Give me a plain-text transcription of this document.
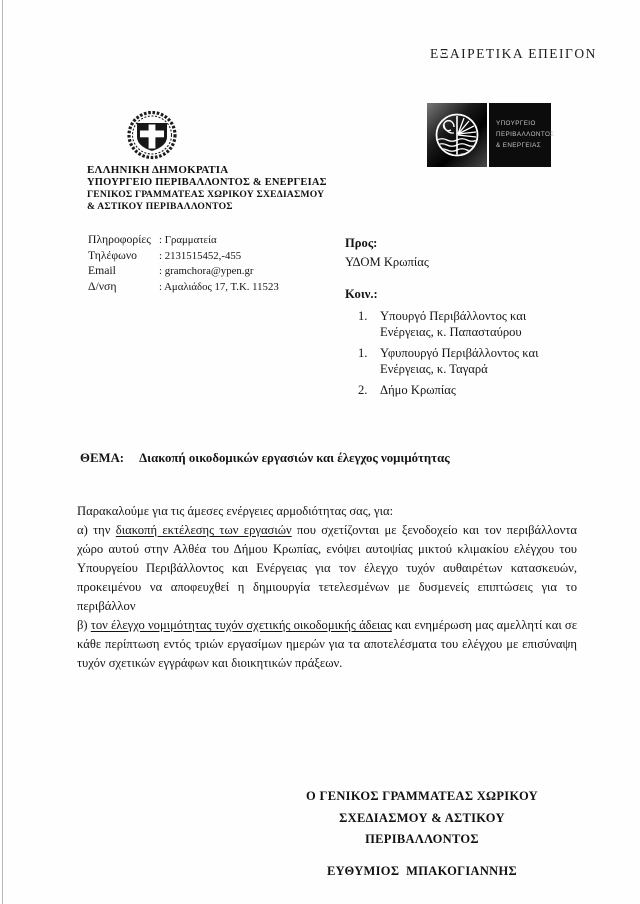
ΕΞΑΙΡΕΤΙΚΑ ΕΠΕΙΓΟΝ
ΕΛΛΗΝΙΚΗ ΔΗΜΟΚΡΑΤΙΑ
ΥΠΟΥΡΓΕΙΟ ΠΕΡΙΒΑΛΛΟΝΤΟΣ & ΕΝΕΡΓΕΙΑΣ
ΓΕΝΙΚΟΣ ΓΡΑΜΜΑΤΕΑΣ ΧΩΡΙΚΟΥ ΣΧΕΔΙΑΣΜΟΥ
& ΑΣΤΙΚΟΥ ΠΕΡΙΒΑΛΛΟΝΤΟΣ
ΥΠΟΥΡΓΕΙΟ
ΠΕΡΙΒΑΛΛΟΝΤΟΣ
& ΕΝΕΡΓΕΙΑΣ
Πληροφορίες : Γραμματεία
Τηλέφωνο	: 2131515452,-455
Email	: gramchora@ypen.gr
Δ/νση	: Αμαλιάδος 17, Τ.Κ. 11523
Προς:
ΥΔΟΜ Κρωπίας
Κοιν.:
1. Υπουργό Περιβάλλοντος και
Ενέργειας, κ. Παπασταύρου
1. Υφυπουργό Περιβάλλοντος και
Ενέργειας, κ. Ταγαρά
2. Δήμο Κρωπίας
ΘΕΜΑ: Διακοπή οικοδομικών εργασιών και έλεγχος νομιμότητας

Παρακαλούμε για τις άμεσες ενέργειες αρμοδιότητας σας, για:

α) την διακοπή εκτέλεσης των εργασιών που σχετίζονται με ξενοδοχείο και τον περιβάλλοντα χώρο αυτού στην Αλθέα του Δήμου Κρωπίας, ενόψει αυτοψίας μικτού κλιμακίου ελέγχου του Υπουργείου Περιβάλλοντος και Ενέργειας για τον έλεγχο τυχόν αυθαιρέτων κατασκευών, προκειμένου να αποφευχθεί η δημιουργία τετελεσμένων με δυσμενείς επιπτώσεις για το περιβάλλον

β) τον έλεγχο νομιμότητας τυχόν σχετικής οικοδομικής άδειας και ενημέρωση μας αμελλητί και σε κάθε περίπτωση εντός τριών εργασίμων ημερών για τα αποτελέσματα του ελέγχου με επισύναψη τυχόν σχετικών εγγράφων και διοικητικών πράξεων.

Ο ΓΕΝΙΚΟΣ ΓΡΑΜΜΑΤΕΑΣ ΧΩΡΙΚΟΥ
ΣΧΕΔΙΑΣΜΟΥ & ΑΣΤΙΚΟΥ ΠΕΡΙΒΑΛΛΟΝΤΟΣ
ΕΥΘΥΜΙΟΣ  ΜΠΑΚΟΓΙΑΝΝΗΣ
